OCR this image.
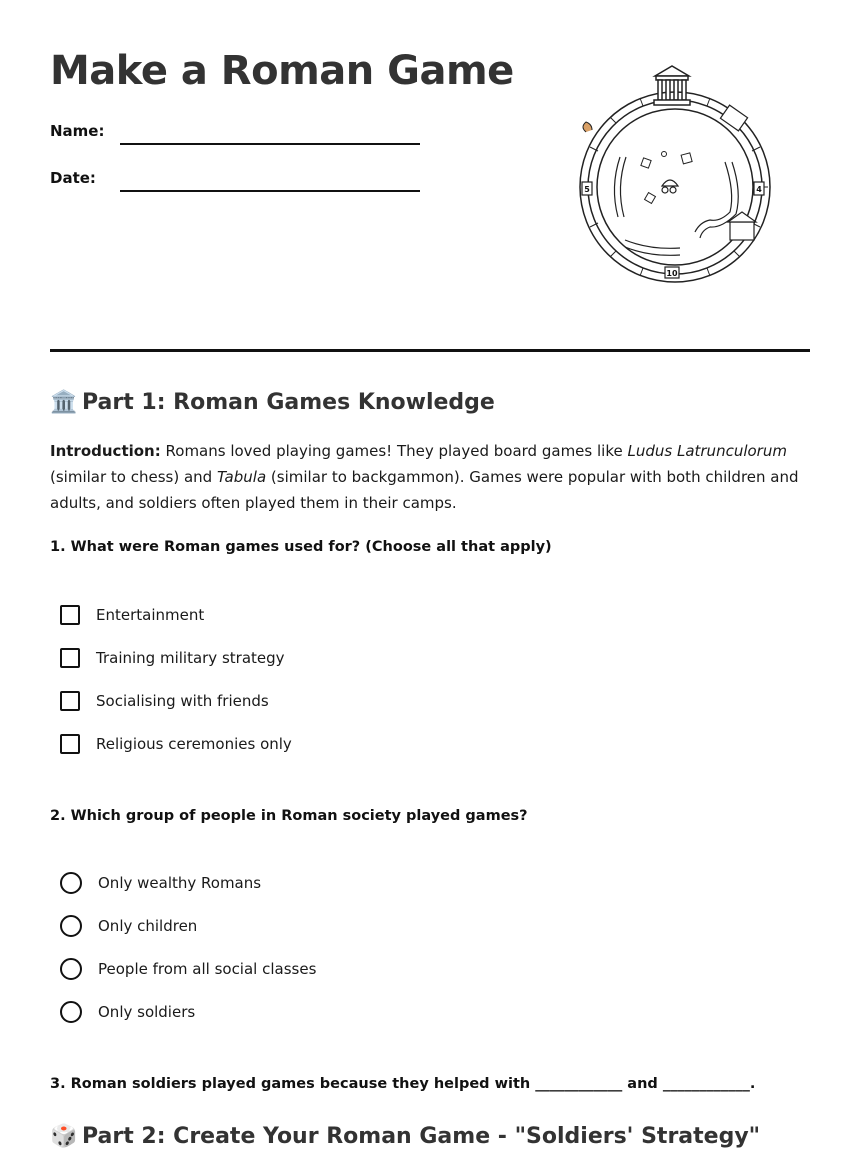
Make a Roman Game
Name:
Date:
5	4
10
🏛️ Part 1: Roman Games Knowledge

Introduction: Romans loved playing games! They played board games like Ludus Latrunculorum (similar to chess) and Tabula (similar to backgammon). Games were popular with both children and adults, and soldiers often played them in their camps.

1. What were Roman games used for? (Choose all that apply)

Entertainment
Training military strategy
Socialising with friends
Religious ceremonies only

2. Which group of people in Roman society played games?

Only wealthy Romans
Only children
People from all social classes
Only soldiers

3. Roman soldiers played games because they helped with ____________ and ____________.

🎲 Part 2: Create Your Roman Game - "Soldiers' Strategy"
